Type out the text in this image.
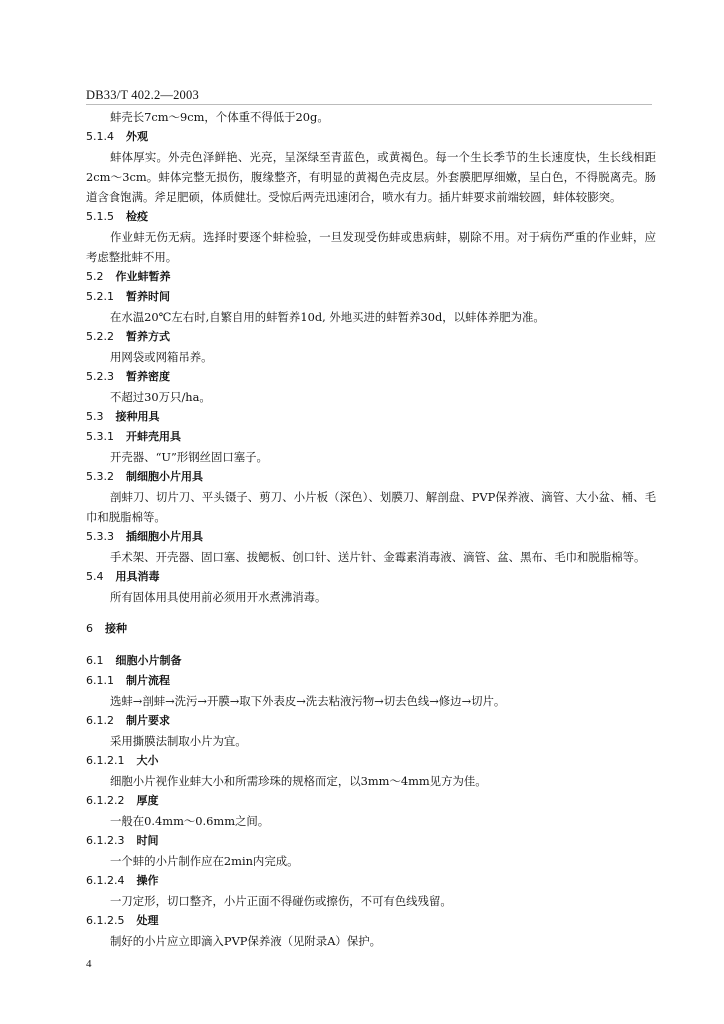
DB33/T 402.2—2003

蚌壳长7cm～9cm，个体重不得低于20g。

5.1.4 外观

蚌体厚实。外壳色泽鲜艳、光亮，呈深绿至青蓝色，或黄褐色。每一个生长季节的生长速度快，生长线相距2cm～3cm。蚌体完整无损伤，腹缘整齐，有明显的黄褐色壳皮层。外套膜肥厚细嫩，呈白色，不得脱离壳。肠道含食饱满。斧足肥硕，体质健壮。受惊后两壳迅速闭合，喷水有力。插片蚌要求前端较圆，蚌体较膨突。

5.1.5 检疫

作业蚌无伤无病。选择时要逐个蚌检验，一旦发现受伤蚌或患病蚌，剔除不用。对于病伤严重的作业蚌，应考虑整批蚌不用。

5.2 作业蚌暂养
5.2.1 暂养时间

在水温20℃左右时,自繁自用的蚌暂养10d, 外地买进的蚌暂养30d，以蚌体养肥为准。

5.2.2 暂养方式

用网袋或网箱吊养。

5.2.3 暂养密度

不超过30万只/ha。

5.3 接种用具
5.3.1 开蚌壳用具

开壳器、“U”形钢丝固口塞子。

5.3.2 制细胞小片用具

剖蚌刀、切片刀、平头镊子、剪刀、小片板（深色）、划膜刀、解剖盘、PVP保养液、滴管、大小盆、桶、毛巾和脱脂棉等。

5.3.3 插细胞小片用具

手术架、开壳器、固口塞、拔鳃板、创口针、送片针、金霉素消毒液、滴管、盆、黑布、毛巾和脱脂棉等。

5.4 用具消毒

所有固体用具使用前必须用开水煮沸消毒。

6 接种
6.1 细胞小片制备
6.1.1 制片流程

选蚌→剖蚌→洗污→开膜→取下外表皮→洗去粘液污物→切去色线→修边→切片。

6.1.2 制片要求

采用撕膜法制取小片为宜。

6.1.2.1 大小

细胞小片视作业蚌大小和所需珍珠的规格而定，以3mm～4mm见方为佳。

6.1.2.2 厚度

一般在0.4mm～0.6mm之间。

6.1.2.3 时间

一个蚌的小片制作应在2min内完成。

6.1.2.4 操作

一刀定形，切口整齐，小片正面不得碰伤或擦伤，不可有色线残留。

6.1.2.5 处理

制好的小片应立即滴入PVP保养液（见附录A）保护。

4
